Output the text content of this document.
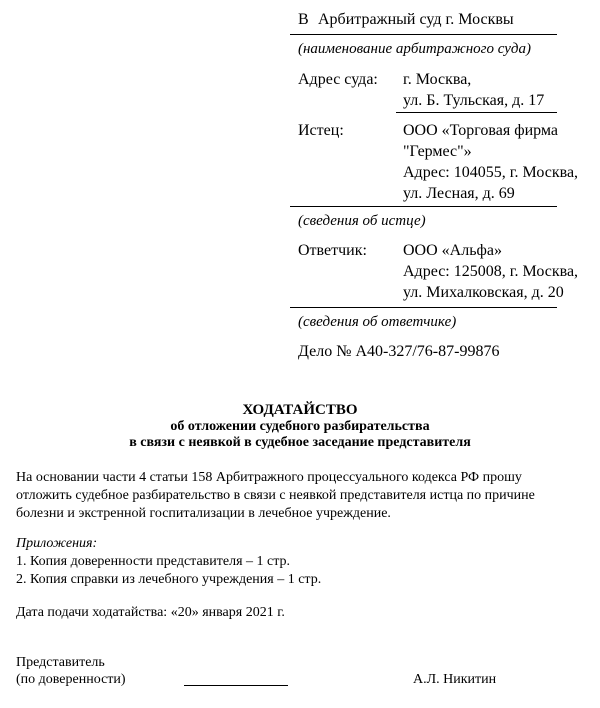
В Арбитражный суд г. Москвы
(наименование арбитражного суда)
Адрес суда: г. Москва,
ул. Б. Тульская, д. 17
Истец:	ООО «Торговая фирма
"Гермес"»
Адрес: 104055, г. Москва,
ул. Лесная, д. 69
(сведения об истце)
Ответчик: ООО «Альфа»
Адрес: 125008, г. Москва,
ул. Михалковская, д. 20
(сведения об ответчике)
Дело № А40-327/76-87-99876
ХОДАТАЙСТВО
об отложении судебного разбирательства
в связи с неявкой в судебное заседание представителя
На основании части 4 статьи 158 Арбитражного процессуального кодекса РФ прошу
отложить судебное разбирательство в связи с неявкой представителя истца по причине
болезни и экстренной госпитализации в лечебное учреждение.
Приложения:
1. Копия доверенности представителя – 1 стр.
2. Копия справки из лечебного учреждения – 1 стр.
Дата подачи ходатайства: «20» января 2021 г.
Представитель
(по доверенности)	А.Л. Никитин
